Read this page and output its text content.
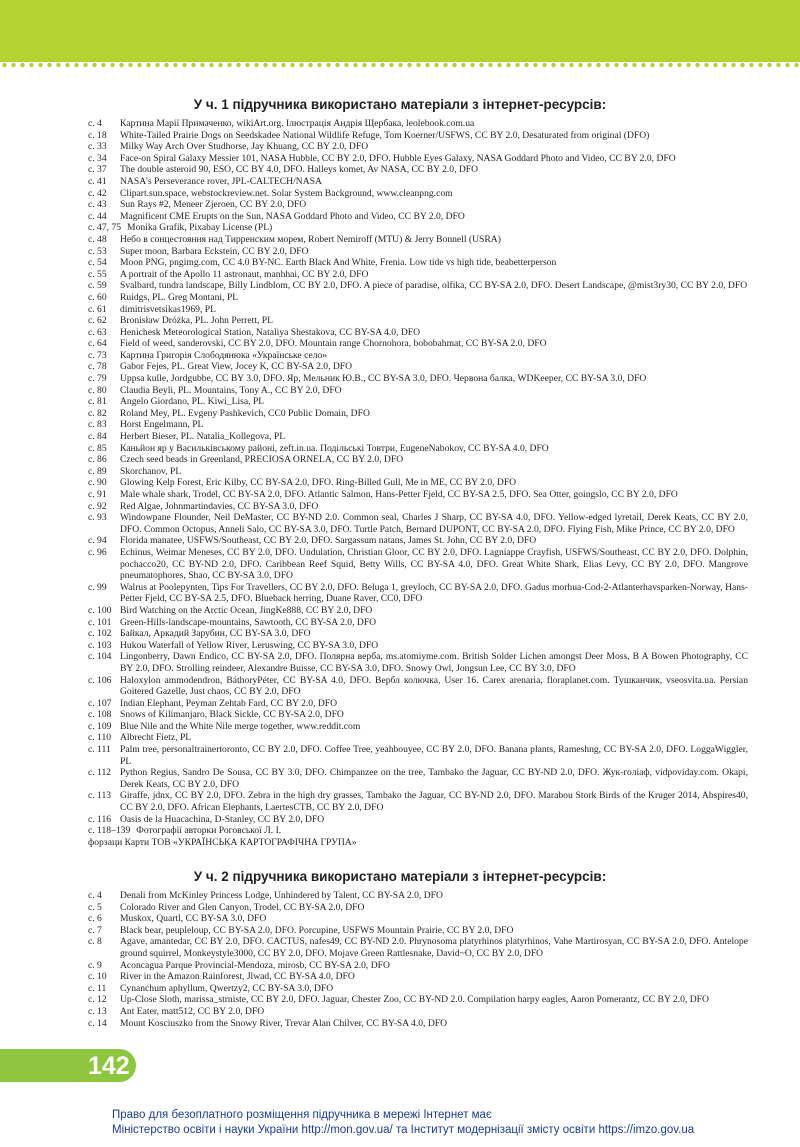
У ч. 1 підручника використано матеріали з інтернет-ресурсів:
с. 4	Картина Марії Примаченко, wikiArt.org. Ілюстрація Андрія Щербака, leolebook.com.ua
с. 18	White-Tailed Prairie Dogs on Seedskadee National Wildlife Refuge, Tom Koerner/USFWS, CC BY 2.0, Desaturated from original (DFO)
с. 33	Milky Way Arch Over Studhorse, Jay Khuang, CC BY 2.0, DFO
с. 34	Face-on Spiral Galaxy Messier 101, NASA Hubble, CC BY 2.0, DFO. Hubble Eyes Galaxy, NASA Goddard Photo and Video, CC BY 2.0, DFO
с. 37	The double asteroid 90, ESO, CC BY 4.0, DFO. Halleys komet, Av NASA, CC BY 2.0, DFO
с. 41	NASA's Perseverance rover, JPL-CALTECH/NASA
с. 42	Clipart.sun.space, webstockreview.net. Solar System Background, www.cleanpng.com
с. 43	Sun Rays #2, Meneer Zjeroen, CC BY 2.0, DFO
с. 44	Magnificent CME Erupts on the Sun, NASA Goddard Photo and Video, CC BY 2.0, DFO
с. 47, 75 Monika Grafik, Pixabay License (PL)
с. 48	Небо в сонцестояння над Тирренским морем, Robert Nemiroff (MTU) & Jerry Bonnell (USRA)
с. 53	Super moon, Barbara Eckstein, CC BY 2.0, DFO
с. 54	Moon PNG, pngimg.com, CC 4.0 BY-NC. Earth Black And White, Frenia. Low tide vs high tide, beabetterperson
с. 55	A portrait of the Apollo 11 astronaut, manhhai, CC BY 2.0, DFO
с. 59	Svalbard, tundra landscape, Billy Lindblom, CC BY 2.0, DFO. A piece of paradise, olfika, CC BY-SA 2.0, DFO. Desert Landscape, @mist3ry30, CC BY 2.0, DFO
с. 60	Ruidgs, PL. Greg Montani, PL
с. 61	dimitrisvetsikas1969, PL
с. 62	Bronisław Dróżka, PL. John Perrett, PL
с. 63	Henichesk Meteorological Station, Nataliya Shestakova, CC BY-SA 4.0, DFO
с. 64	Field of weed, sanderovski, CC BY 2.0, DFO. Mountain range Chornohora, bobobahmat, CC BY-SA 2.0, DFO
с. 73	Картина Григорія Слободянюка «Українське село»
с. 78	Gabor Fejes, PL. Great View, Jocey K, CC BY-SA 2.0, DFO
с. 79	Uppsa kulle, Jordgubbe, CC BY 3.0, DFO. Яр, Мельник Ю.В., CC BY-SA 3.0, DFO. Червона балка, WDKeeper, CC BY-SA 3.0, DFO
с. 80	Claudia Beyli, PL. Mountains, Tony A., CC BY 2.0, DFO
с. 81	Angelo Giordano, PL. Kiwi_Lisa, PL
с. 82	Roland Mey, PL. Evgeny Pashkevich, CC0 Public Domain, DFO
с. 83	Horst Engelmann, PL
с. 84	Herbert Bieser, PL. Natalia_Kollegova, PL
с. 85	Каньйон яр у Васильківському районі, zeft.in.ua. Подільські Товтри, EugeneNabokov, CC BY-SA 4.0, DFO
с. 86	Czech seed beads in Greenland, PRECIOSA ORNELA, CC BY 2.0, DFO
с. 89	Skorchanov, PL
с. 90	Glowing Kelp Forest, Eric Kilby, CC BY-SA 2.0, DFO. Ring-Billed Gull, Me in ME, CC BY 2.0, DFO
с. 91	Male whale shark, Trodel, CC BY-SA 2.0, DFO. Atlantic Salmon, Hans-Petter Fjeld, CC BY-SA 2.5, DFO. Sea Otter, goingslo, CC BY 2.0, DFO
с. 92	Red Algae, Johnmartindavies, CC BY-SA 3.0, DFO
с. 93	Windowpane Flounder, Neil DeMaster, CC BY-ND 2.0. Common seal, Charles J Sharp, CC BY-SA 4.0, DFO. Yellow-edged lyretail, Derek Keats, CC BY 2.0, DFO. Common Octopus, Anneli Salo, CC BY-SA 3.0, DFO. Turtle Patch, Bernard DUPONT, CC BY-SA 2.0, DFO. Flying Fish, Mike Prince, CC BY 2.0, DFO
с. 94	Florida manatee, USFWS/Southeast, CC BY 2.0, DFO. Sargassum natans, James St. John, CC BY 2.0, DFO
с. 96	Echinus, Weimar Meneses, CC BY 2.0, DFO. Undulation, Christian Gloor, CC BY 2.0, DFO. Lagniappe Crayfish, USFWS/Southeast, CC BY 2.0, DFO. Dolphin, pochacco20, CC BY-ND 2.0, DFO. Caribbean Reef Squid, Betty Wills, CC BY-SA 4.0, DFO. Great White Shark, Elias Levy, CC BY 2.0, DFO. Mangrove pneumatophores, Shao, CC BY-SA 3.0, DFO
с. 99	Walrus at Poolepynten, Tips For Travellers, CC BY 2.0, DFO. Beluga 1, greyloch, CC BY-SA 2.0, DFO. Gadus morhua-Cod-2-Atlanterhavsparken-Norway, Hans-Petter Fjeld, CC BY-SA 2.5, DFO. Blueback herring, Duane Raver, CC0, DFO
с. 100 Bird Watching on the Arctic Ocean, JingKe888, CC BY 2.0, DFO
с. 101 Green-Hills-landscape-mountains, Sawtooth, CC BY-SA 2.0, DFO
с. 102 Байкал, Аркадий Зарубин, CC BY-SA 3.0, DFO
с. 103 Hukou Waterfall of Yellow River, Leruswing, CC BY-SA 3.0, DFO
с. 104 Lingonberry, Dawn Endico, CC BY-SA 2.0, DFO. Полярна верба, ms.atomiyme.com. British Solder Lichen amongst Deer Moss, B A Bowen Photography, CC BY 2.0, DFO. Strolling reindeer, Alexandre Buisse, CC BY-SA 3.0, DFO. Snowy Owl, Jongsun Lee, CC BY 3.0, DFO
с. 106 Haloxylon ammodendron, BáthoryPéter, CC BY-SA 4.0, DFO. Вербл колючка, User 16. Carex arenaria, floraplanet.com. Тушканчик, vseosvita.ua. Persian Goitered Gazelle, Just chaos, CC BY 2.0, DFO
с. 107 Indian Elephant, Peyman Zehtab Fard, CC BY 2.0, DFO
с. 108 Snows of Kilimanjaro, Black Sickle, CC BY-SA 2.0, DFO
с. 109 Blue Nile and the White Nile merge together, www.reddit.com
с. 110 Albrecht Fietz, PL
с. 111 Palm tree, personaltrainertoronto, CC BY 2.0, DFO. Coffee Tree, yeahbouyee, CC BY 2.0, DFO. Banana plants, Rameshng, CC BY-SA 2.0, DFO. LoggaWiggler, PL
с. 112 Python Regius, Sandro De Sousa, CC BY 3.0, DFO. Chimpanzee on the tree, Tambako the Jaguar, CC BY-ND 2.0, DFO. Жук-голіаф, vidpoviday.com. Okapi, Derek Keats, CC BY 2.0, DFO
с. 113 Giraffe, jdnx, CC BY 2.0, DFO. Zebra in the high dry grasses, Tambako the Jaguar, CC BY-ND 2.0, DFO. Marabou Stork Birds of the Kruger 2014, Abspires40, CC BY 2.0, DFO. African Elephants, LaertesCTB, CC BY 2.0, DFO
с. 116 Oasis de la Huacachina, D-Stanley, CC BY 2.0, DFO
с. 118–139 Фотографії авторки Роговської Л. І.
форзаци Карти ТОВ «УКРАЇНСЬКА КАРТОГРАФІЧНА ГРУПА»
У ч. 2 підручника використано матеріали з інтернет-ресурсів:
с. 4	Denali from McKinley Princess Lodge, Unhindered by Talent, CC BY-SA 2.0, DFO
с. 5	Colorado River and Glen Canyon, Trodel, CC BY-SA 2.0, DFO
с. 6	Muskox, Quartl, CC BY-SA 3.0, DFO
с. 7	Black bear, peupleloup, CC BY-SA 2.0, DFO. Porcupine, USFWS Mountain Prairie, CC BY 2.0, DFO
с. 8	Agave, amantedar, CC BY 2.0, DFO. CACTUS, nafes49, CC BY-ND 2.0. Phrynosoma platyrhinos platyrhinos, Vahe Martirosyan, CC BY-SA 2.0, DFO. Antelope ground squirrel, Monkeystyle3000, CC BY 2.0, DFO. Mojave Green Rattlesnake, David~O, CC BY 2.0, DFO
с. 9	Aconcagua Parque Provincial-Mendoza, mirosb, CC BY-SA 2.0, DFO
с. 10	River in the Amazon Rainforest, Jlwad, CC BY-SA 4.0, DFO
с. 11	Cynanchum aphyllum, Qwertzy2, CC BY-SA 3.0, DFO
с. 12	Up-Close Sloth, marissa_strniste, CC BY 2.0, DFO. Jaguar, Chester Zoo, CC BY-ND 2.0. Compilation harpy eagles, Aaron Pomerantz, CC BY 2.0, DFO
с. 13	Ant Eater, matt512, CC BY 2.0, DFO
с. 14	Mount Kosciuszko from the Snowy River, Trevar Alan Chilver, CC BY-SA 4.0, DFO
142
Право для безоплатного розміщення підручника в мережі Інтернет має
Міністерство освіти і науки України http://mon.gov.ua/ та Інститут модернізації змісту освіти https://imzo.gov.ua
